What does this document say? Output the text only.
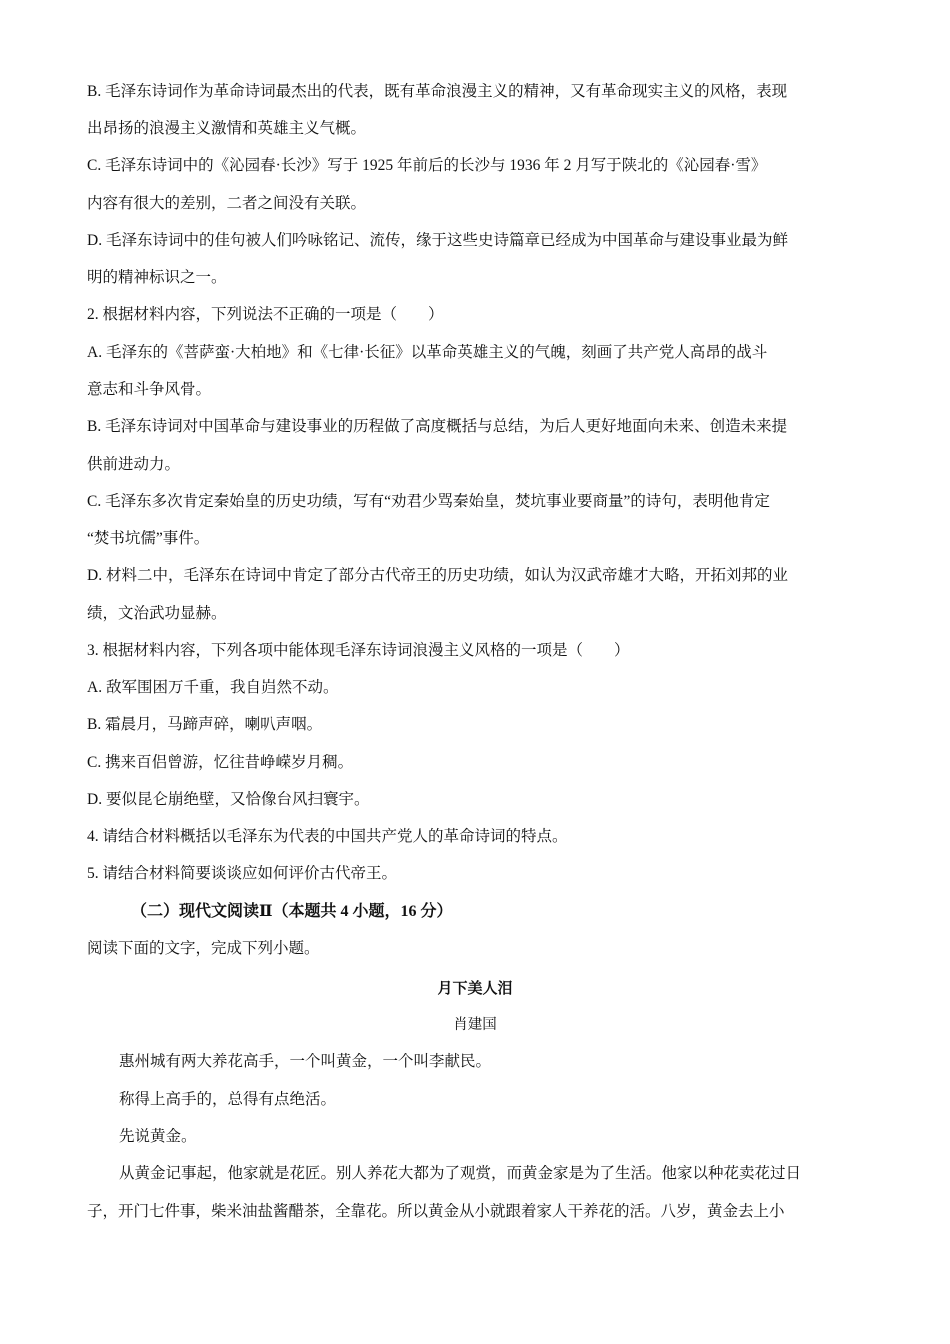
B. 毛泽东诗词作为革命诗词最杰出的代表，既有革命浪漫主义的精神，又有革命现实主义的风格，表现
出昂扬的浪漫主义激情和英雄主义气概。
C. 毛泽东诗词中的《沁园春·长沙》写于 1925 年前后的长沙与 1936 年 2 月写于陕北的《沁园春·雪》
内容有很大的差别，二者之间没有关联。
D. 毛泽东诗词中的佳句被人们吟咏铭记、流传，缘于这些史诗篇章已经成为中国革命与建设事业最为鲜
明的精神标识之一。
2. 根据材料内容，下列说法不正确的一项是（　　）
A. 毛泽东的《菩萨蛮·大柏地》和《七律·长征》以革命英雄主义的气魄，刻画了共产党人高昂的战斗
意志和斗争风骨。
B. 毛泽东诗词对中国革命与建设事业的历程做了高度概括与总结，为后人更好地面向未来、创造未来提
供前进动力。
C. 毛泽东多次肯定秦始皇的历史功绩，写有“劝君少骂秦始皇，焚坑事业要商量”的诗句，表明他肯定
“焚书坑儒”事件。
D. 材料二中，毛泽东在诗词中肯定了部分古代帝王的历史功绩，如认为汉武帝雄才大略，开拓刘邦的业
绩，文治武功显赫。
3. 根据材料内容，下列各项中能体现毛泽东诗词浪漫主义风格的一项是（　　）
A. 敌军围困万千重，我自岿然不动。
B. 霜晨月，马蹄声碎，喇叭声咽。
C. 携来百侣曾游，忆往昔峥嵘岁月稠。
D. 要似昆仑崩绝壁，又恰像台风扫寰宇。
4. 请结合材料概括以毛泽东为代表的中国共产党人的革命诗词的特点。
5. 请结合材料简要谈谈应如何评价古代帝王。
（二）现代文阅读Ⅱ（本题共 4 小题，16 分）
阅读下面的文字，完成下列小题。
月下美人泪
肖建国
惠州城有两大养花高手，一个叫黄金，一个叫李献民。
称得上高手的，总得有点绝活。
先说黄金。
从黄金记事起，他家就是花匠。别人养花大都为了观赏，而黄金家是为了生活。他家以种花卖花过日
子，开门七件事，柴米油盐酱醋茶，全靠花。所以黄金从小就跟着家人干养花的活。八岁，黄金去上小
